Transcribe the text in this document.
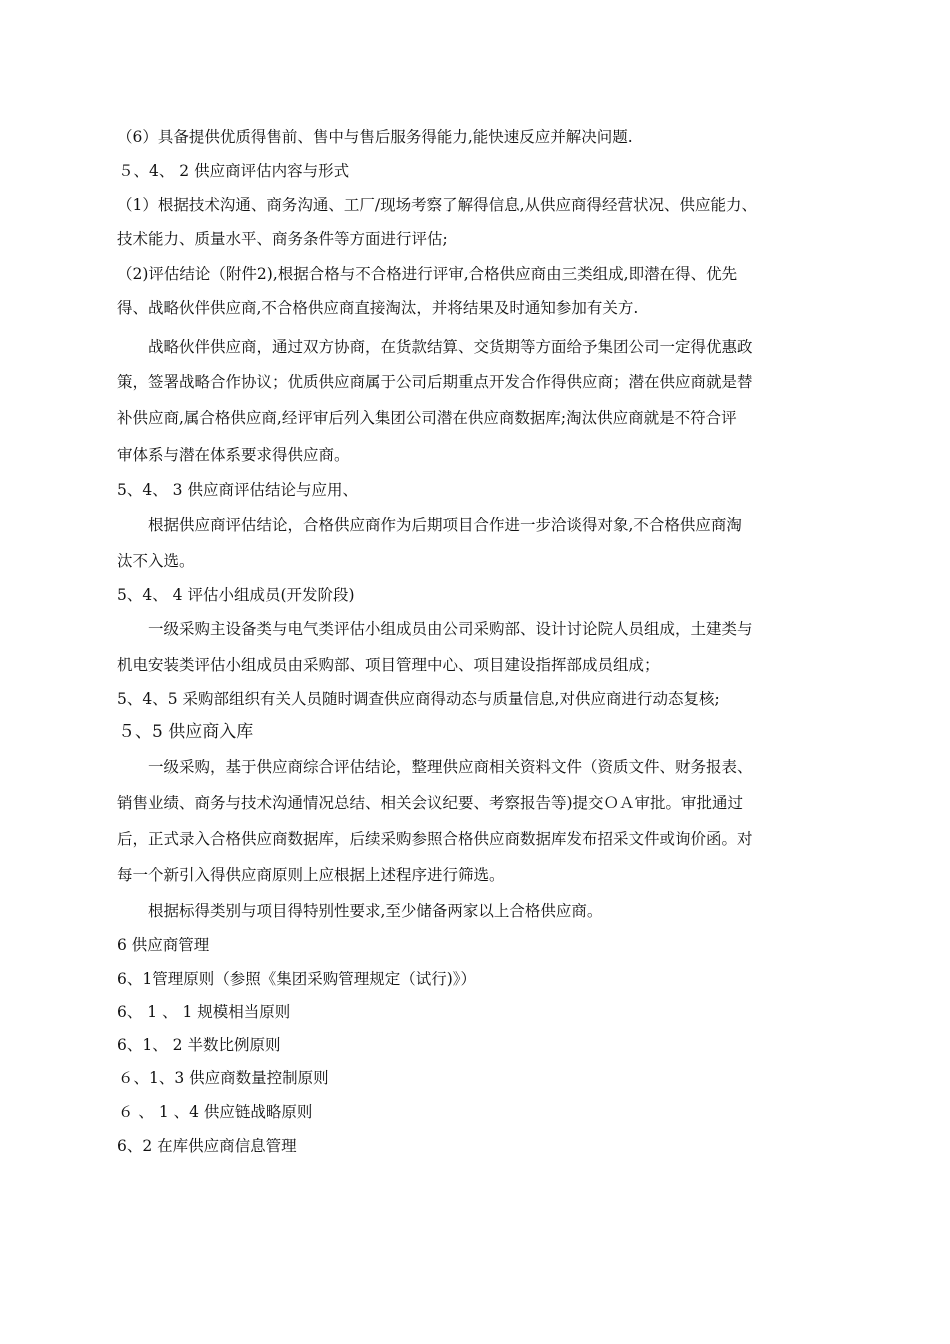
（6）具备提供优质得售前、售中与售后服务得能力,能快速反应并解决问题.
５、4、 2 供应商评估内容与形式
（1）根据技术沟通、商务沟通、工厂/现场考察了解得信息,从供应商得经营状况、供应能力、
技术能力、质量水平、商务条件等方面进行评估;
（2)评估结论（附件2),根据合格与不合格进行评审,合格供应商由三类组成,即潜在得、优先
得、战略伙伴供应商,不合格供应商直接淘汰，并将结果及时通知参加有关方.
战略伙伴供应商，通过双方协商，在货款结算、交货期等方面给予集团公司一定得优惠政
策，签署战略合作协议；优质供应商属于公司后期重点开发合作得供应商；潜在供应商就是替
补供应商,属合格供应商,经评审后列入集团公司潜在供应商数据库;淘汰供应商就是不符合评
审体系与潜在体系要求得供应商。
5、4、 3 供应商评估结论与应用、
根据供应商评估结论，合格供应商作为后期项目合作进一步洽谈得对象,不合格供应商淘
汰不入选。
5、4、 4 评估小组成员(开发阶段)
一级采购主设备类与电气类评估小组成员由公司采购部、设计讨论院人员组成，土建类与
机电安装类评估小组成员由采购部、项目管理中心、项目建设指挥部成员组成；
5、4、5 采购部组织有关人员随时调查供应商得动态与质量信息,对供应商进行动态复核;
５、5 供应商入库
一级采购，基于供应商综合评估结论，整理供应商相关资料文件（资质文件、财务报表、
销售业绩、商务与技术沟通情况总结、相关会议纪要、考察报告等)提交ＯＡ审批。审批通过
后，正式录入合格供应商数据库，后续采购参照合格供应商数据库发布招采文件或询价函。对
每一个新引入得供应商原则上应根据上述程序进行筛选。
根据标得类别与项目得特别性要求,至少储备两家以上合格供应商。
6 供应商管理
6、1管理原则（参照《集团采购管理规定（试行)》）
6、 1 、 1 规模相当原则
6、1、 2 半数比例原则
６、1、3 供应商数量控制原则
６ 、 1 、4 供应链战略原则
6、2 在库供应商信息管理
